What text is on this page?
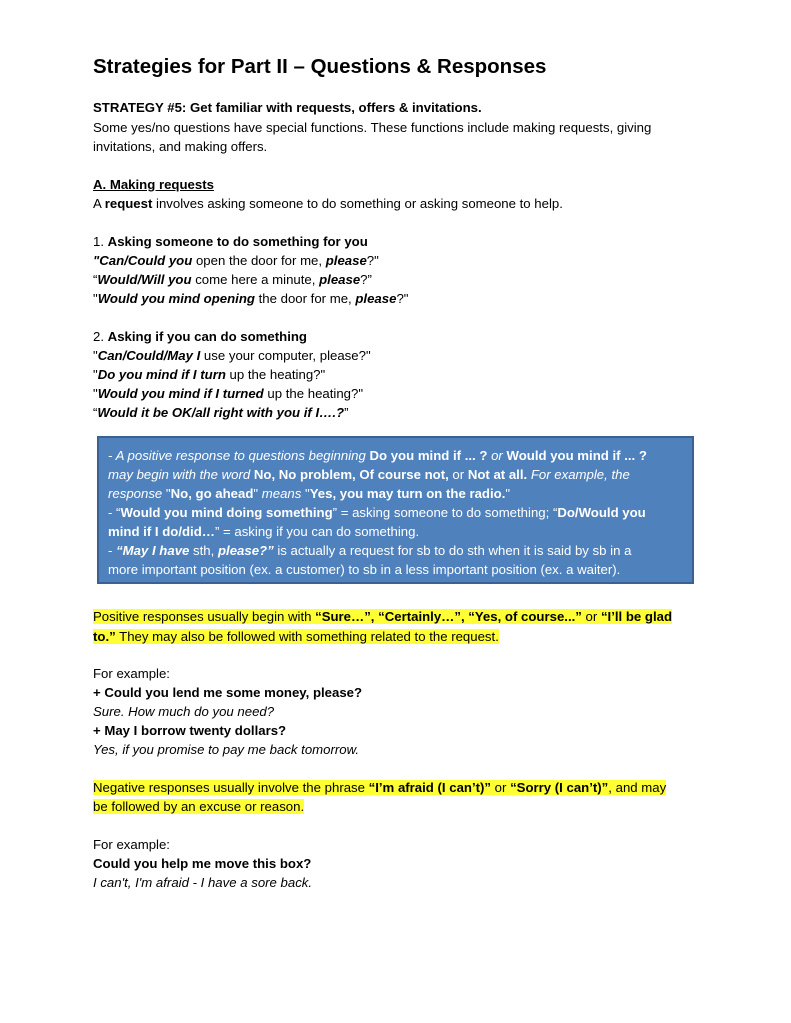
Strategies for Part II – Questions & Responses
STRATEGY #5: Get familiar with requests, offers & invitations.
Some yes/no questions have special functions. These functions include making requests, giving
invitations, and making offers.
A. Making requests
A request involves asking someone to do something or asking someone to help.
1. Asking someone to do something for you
"Can/Could you open the door for me, please?"
“Would/Will you come here a minute, please?”
"Would you mind opening the door for me, please?"
2. Asking if you can do something
"Can/Could/May I use your computer, please?"
"Do you mind if I turn up the heating?"
"Would you mind if I turned up the heating?"
“Would it be OK/all right with you if I….?”
- A positive response to questions beginning Do you mind if ... ? or Would you mind if ... ?
may begin with the word No, No problem, Of course not, or Not at all. For example, the
response "No, go ahead" means "Yes, you may turn on the radio."
- “Would you mind doing something” = asking someone to do something; “Do/Would you
mind if I do/did…” = asking if you can do something.
- “May I have sth, please?” is actually a request for sb to do sth when it is said by sb in a
more important position (ex. a customer) to sb in a less important position (ex. a waiter).
Positive responses usually begin with “Sure…”, “Certainly…”, “Yes, of course...” or “I’ll be glad
to.” They may also be followed with something related to the request.
For example:
+ Could you lend me some money, please?
Sure. How much do you need?
+ May I borrow twenty dollars?
Yes, if you promise to pay me back tomorrow.
Negative responses usually involve the phrase “I’m afraid (I can’t)” or “Sorry (I can’t)”, and may
be followed by an excuse or reason.
For example:
Could you help me move this box?
I can't, I'm afraid - I have a sore back.
